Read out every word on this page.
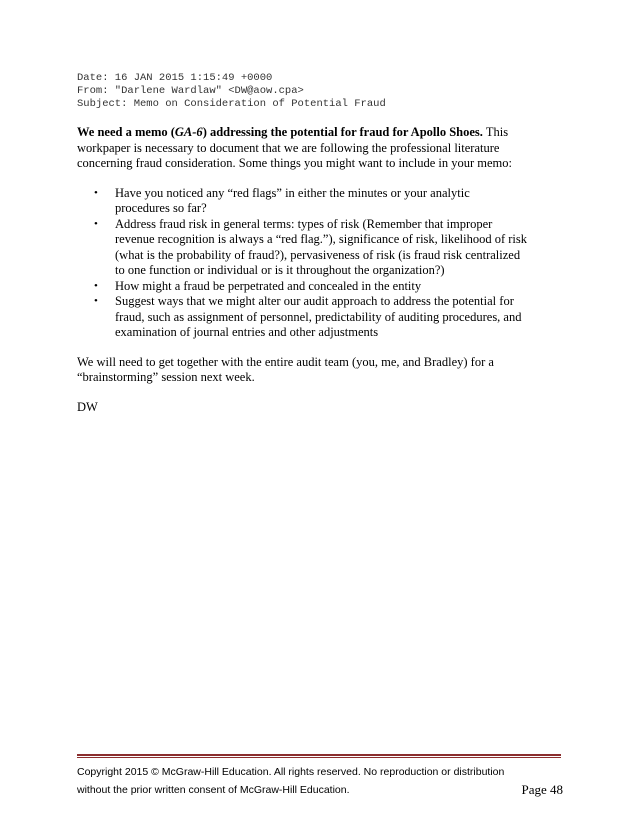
Date: 16 JAN 2015 1:15:49 +0000
From: "Darlene Wardlaw" <DW@aow.cpa>
Subject: Memo on Consideration of Potential Fraud
We need a memo (GA-6) addressing the potential for fraud for Apollo Shoes. This
workpaper is necessary to document that we are following the professional literature
concerning fraud consideration. Some things you might want to include in your memo:
• Have you noticed any “red flags” in either the minutes or your analytic
procedures so far?
• Address fraud risk in general terms: types of risk (Remember that improper
revenue recognition is always a “red flag.”), significance of risk, likelihood of risk
(what is the probability of fraud?), pervasiveness of risk (is fraud risk centralized
to one function or individual or is it throughout the organization?)
• How might a fraud be perpetrated and concealed in the entity
• Suggest ways that we might alter our audit approach to address the potential for
fraud, such as assignment of personnel, predictability of auditing procedures, and
examination of journal entries and other adjustments
We will need to get together with the entire audit team (you, me, and Bradley) for a
“brainstorming” session next week.
DW
Copyright 2015 © McGraw-Hill Education. All rights reserved. No reproduction or distribution
without the prior written consent of McGraw-Hill Education.	Page 48
